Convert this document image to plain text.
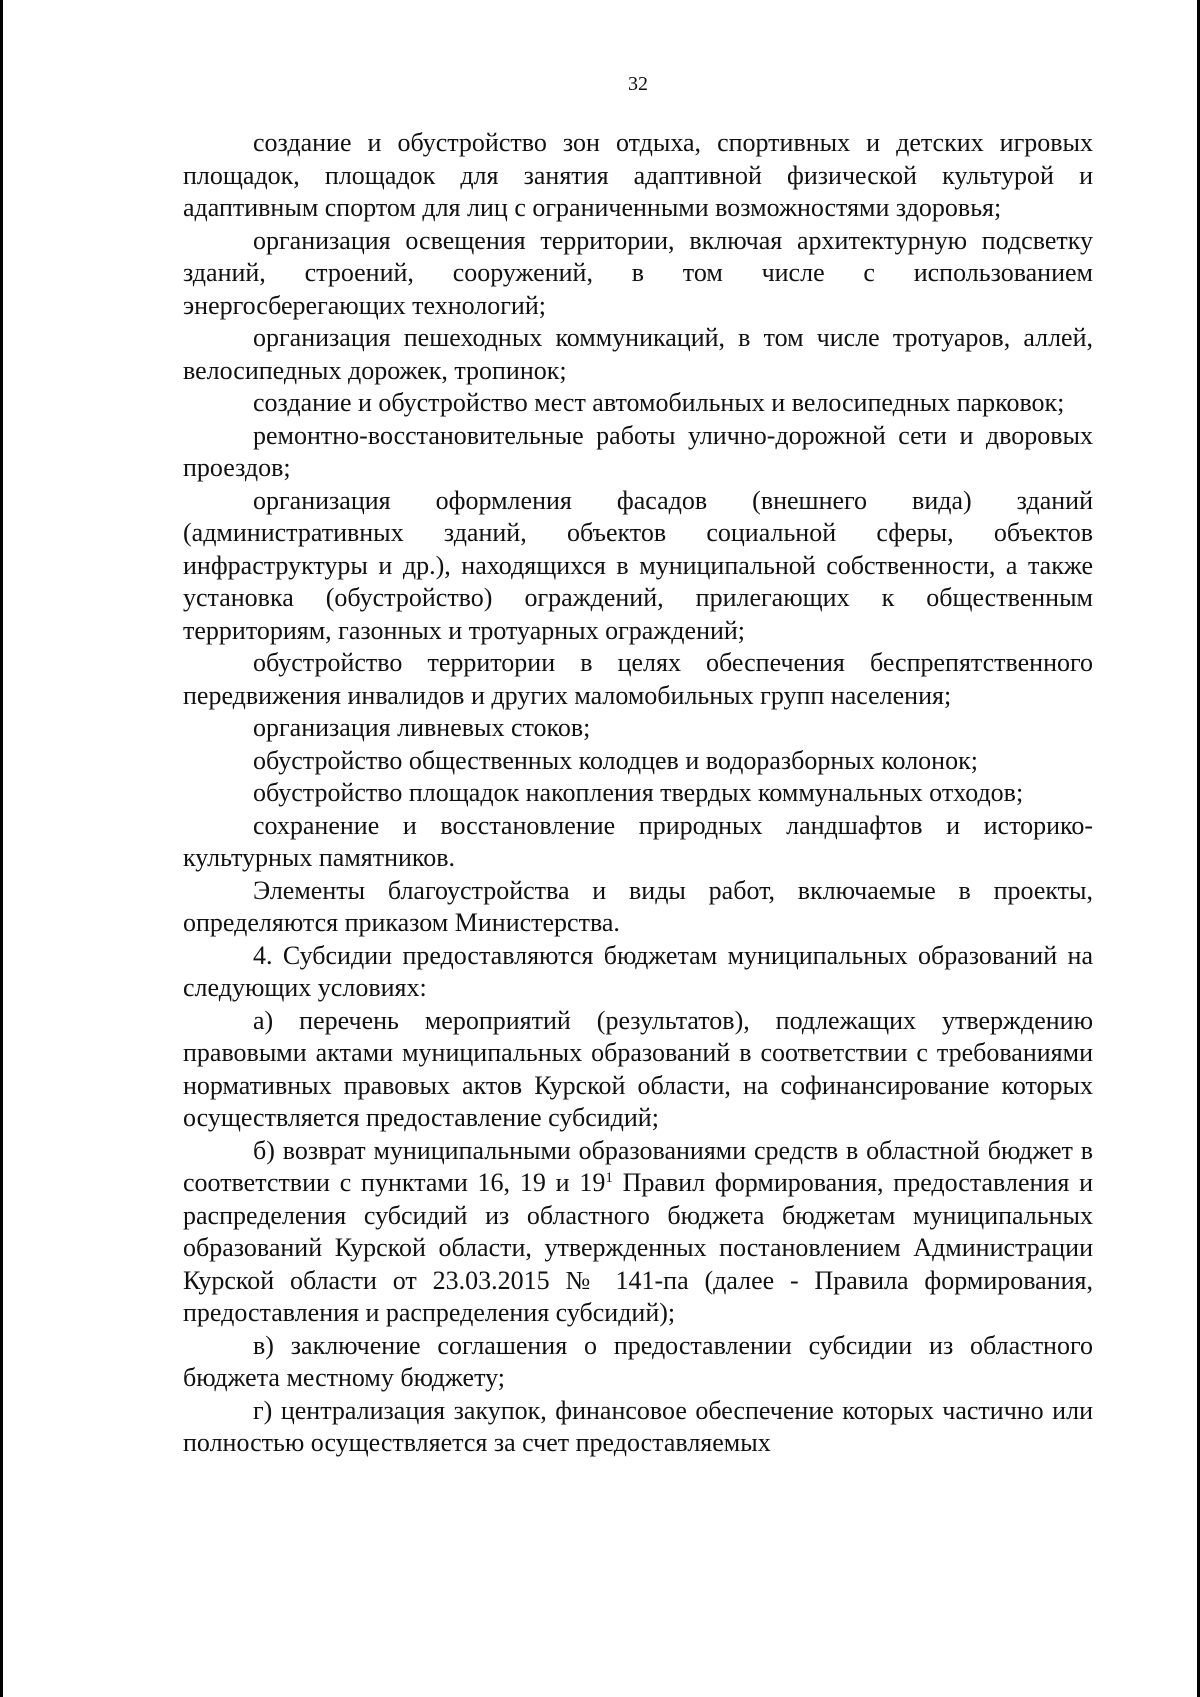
32

создание и обустройство зон отдыха, спортивных и детских игровых площадок, площадок для занятия адаптивной физической культурой и адаптивным спортом для лиц с ограниченными возможностями здоровья;

организация освещения территории, включая архитектурную подсветку зданий, строений, сооружений, в том числе с использованием энергосберегающих технологий;

организация пешеходных коммуникаций, в том числе тротуаров, аллей, велосипедных дорожек, тропинок;

создание и обустройство мест автомобильных и велосипедных парковок;

ремонтно-восстановительные работы улично-дорожной сети и дворовых проездов;

организация оформления фасадов (внешнего вида) зданий (административных зданий, объектов социальной сферы, объектов инфраструктуры и др.), находящихся в муниципальной собственности, а также установка (обустройство) ограждений, прилегающих к общественным территориям, газонных и тротуарных ограждений;

обустройство территории в целях обеспечения беспрепятственного передвижения инвалидов и других маломобильных групп населения;

организация ливневых стоков;

обустройство общественных колодцев и водоразборных колонок;

обустройство площадок накопления твердых коммунальных отходов;

сохранение и восстановление природных ландшафтов и историко-культурных памятников.

Элементы благоустройства и виды работ, включаемые в проекты, определяются приказом Министерства.

4. Субсидии предоставляются бюджетам муниципальных образований на следующих условиях:

а) перечень мероприятий (результатов), подлежащих утверждению правовыми актами муниципальных образований в соответствии с требованиями нормативных правовых актов Курской области, на софинансирование которых осуществляется предоставление субсидий;

б) возврат муниципальными образованиями средств в областной бюджет в соответствии с пунктами 16, 19 и $19^1$ Правил формирования, предоставления и распределения субсидий из областного бюджета бюджетам муниципальных образований Курской области, утвержденных постановлением Администрации Курской области от 23.03.2015 № 141-па (далее - Правила формирования, предоставления и распределения субсидий);

в) заключение соглашения о предоставлении субсидии из областного бюджета местному бюджету;

г) централизация закупок, финансовое обеспечение которых частично или полностью осуществляется за счет предоставляемых
